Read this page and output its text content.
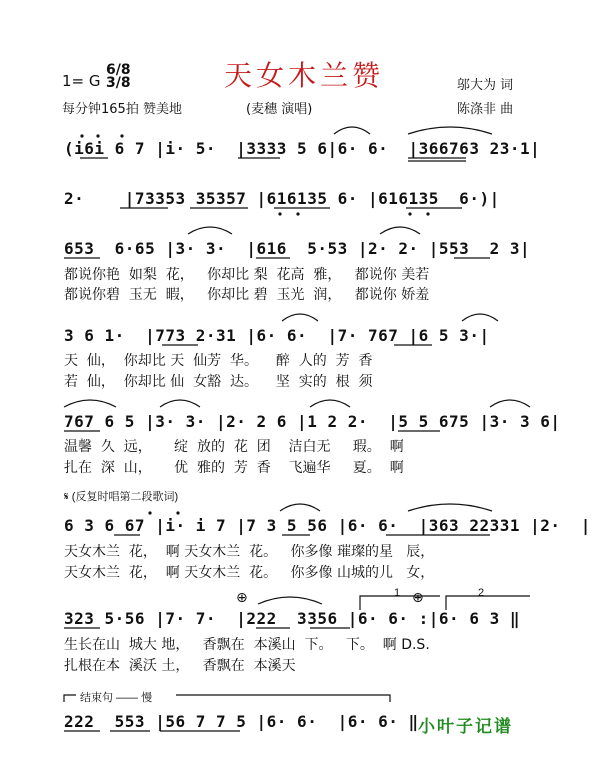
天女木兰赞
1= G
6/8
3/8
每分钟165拍 赞美地	(麦穗 演唱)
邬大为 词
陈涤非 曲
(i6i 6 7 |i· 5·  |3333 5 6|6· 6·  |366763 23·1|
2·    |73353 35357 |616135 6· |616135  6·)|
653  6·65 |3· 3·  |616  5·53 |2· 2· |553  2 3|
都说你艳  如梨  花，   你却比 梨  花高  雅，   都说你 美若
都说你碧  玉无  暇，   你却比 碧  玉光  润，   都说你 娇羞
3 6 1·  |773 2·31 |6· 6·  |7· 767 |6 5 3·|
天  仙，  你却比 天  仙芳  华。    醉  人的  芳  香
若  仙，  你却比 仙  女豁  达。    坚  实的  根  须
767 6 5 |3· 3· |2· 2 6 |1 2 2·  |5 5 675 |3· 3 6|
温馨  久  远，     绽  放的  花  团    洁白无     瑕。  啊
扎在  深  山，     优  雅的  芳  香    飞遍华     夏。  啊
𝄋 (反复时唱第二段歌词)
6 3 6 67 |i· i 7 |7 3 5 56 |6· 6·  |363 22331 |2·  |
天女木兰  花，  啊 天女木兰  花。   你多像 璀璨的星   辰，
天女木兰  花，  啊 天女木兰  花。   你多像 山城的儿   女，
⊕	⊕
1	2
323 5·56 |7· 7·  |222  3356 |6· 6· :|6· 6 3 ‖
生长在山  城大 地，   香飘在  本溪山  下。   下。  啊 D.S.
扎根在本  溪沃 土，   香飘在  本溪天
结束句 —— 慢
222  553 |56 7 7 5 |6· 6·  |6· 6· ‖ 小叶子记谱
